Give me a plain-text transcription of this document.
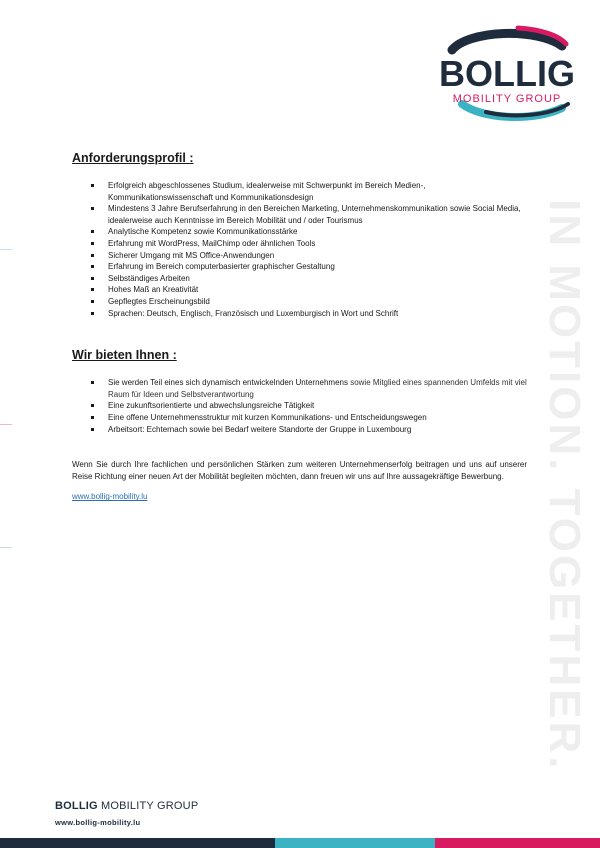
BOLLIG
MOBILITY GROUP
IN MOTION. TOGETHER.
Anforderungsprofil :
Erfolgreich abgeschlossenes Studium, idealerweise mit Schwerpunkt im Bereich Medien-, Kommunikationswissenschaft und Kommunikationsdesign
Mindestens 3 Jahre Berufserfahrung in den Bereichen Marketing, Unternehmenskommunikation sowie Social Media, idealerweise auch Kenntnisse im Bereich Mobilität und / oder Tourismus
Analytische Kompetenz sowie Kommunikationsstärke
Erfahrung mit WordPress, MailChimp oder ähnlichen Tools
Sicherer Umgang mit MS Office-Anwendungen
Erfahrung im Bereich computerbasierter graphischer Gestaltung
Selbständiges Arbeiten
Hohes Maß an Kreativität
Gepflegtes Erscheinungsbild
Sprachen: Deutsch, Englisch, Französisch und Luxemburgisch in Wort und Schrift
Wir bieten Ihnen :
Sie werden Teil eines sich dynamisch entwickelnden Unternehmens sowie Mitglied eines spannenden Umfelds mit viel Raum für Ideen und Selbstverantwortung
Eine zukunftsorientierte und abwechslungsreiche Tätigkeit
Eine offene Unternehmensstruktur mit kurzen Kommunikations- und Entscheidungswegen
Arbeitsort: Echternach sowie bei Bedarf weitere Standorte der Gruppe in Luxembourg

Wenn Sie durch Ihre fachlichen und persönlichen Stärken zum weiteren Unternehmenserfolg beitragen und uns auf unserer Reise Richtung einer neuen Art der Mobilität begleiten möchten, dann freuen wir uns auf Ihre aussagekräftige Bewerbung.

www.bollig-mobility.lu
BOLLIG MOBILITY GROUP
www.bollig-mobility.lu
